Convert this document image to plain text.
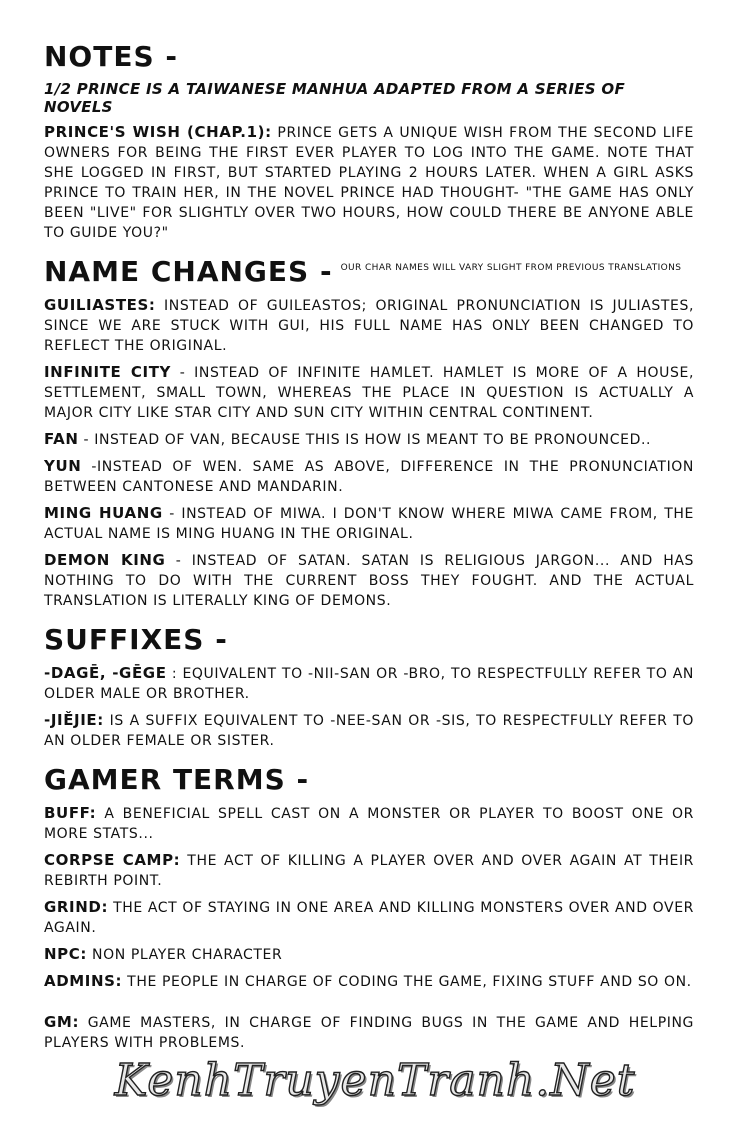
NOTES -
1/2 PRINCE IS A TAIWANESE MANHUA ADAPTED FROM A SERIES OF NOVELS
PRINCE'S WISH (CHAP.1): PRINCE GETS A UNIQUE WISH FROM THE SECOND LIFE OWNERS FOR BEING THE FIRST EVER PLAYER TO LOG INTO THE GAME. NOTE THAT SHE LOGGED IN FIRST, BUT STARTED PLAYING 2 HOURS LATER. WHEN A GIRL ASKS PRINCE TO TRAIN HER, IN THE NOVEL PRINCE HAD THOUGHT- "THE GAME HAS ONLY BEEN "LIVE" FOR SLIGHTLY OVER TWO HOURS, HOW COULD THERE BE ANYONE ABLE TO GUIDE YOU?"
NAME CHANGES - OUR CHAR NAMES WILL VARY SLIGHT FROM PREVIOUS TRANSLATIONS
GUILIASTES: INSTEAD OF GUILEASTOS; ORIGINAL PRONUNCIATION IS JULIASTES, SINCE WE ARE STUCK WITH GUI, HIS FULL NAME HAS ONLY BEEN CHANGED TO REFLECT THE ORIGINAL.
INFINITE CITY - INSTEAD OF INFINITE HAMLET. HAMLET IS MORE OF A HOUSE, SETTLEMENT, SMALL TOWN, WHEREAS THE PLACE IN QUESTION IS ACTUALLY A MAJOR CITY LIKE STAR CITY AND SUN CITY WITHIN CENTRAL CONTINENT.
FAN - INSTEAD OF VAN, BECAUSE THIS IS HOW IS MEANT TO BE PRONOUNCED..
YUN -INSTEAD OF WEN. SAME AS ABOVE, DIFFERENCE IN THE PRONUNCIATION BETWEEN CANTONESE AND MANDARIN.
MING HUANG - INSTEAD OF MIWA. I DON'T KNOW WHERE MIWA CAME FROM, THE ACTUAL NAME IS MING HUANG IN THE ORIGINAL.
DEMON KING - INSTEAD OF SATAN. SATAN IS RELIGIOUS JARGON... AND HAS NOTHING TO DO WITH THE CURRENT BOSS THEY FOUGHT. AND THE ACTUAL TRANSLATION IS LITERALLY KING OF DEMONS.
SUFFIXES -
-DAGĒ, -GĒGE : EQUIVALENT TO -NII-SAN OR -BRO, TO RESPECTFULLY REFER TO AN OLDER MALE OR BROTHER.
-JIĚJIE: IS A SUFFIX EQUIVALENT TO -NEE-SAN OR -SIS, TO RESPECTFULLY REFER TO AN OLDER FEMALE OR SISTER.
GAMER TERMS -
BUFF: A BENEFICIAL SPELL CAST ON A MONSTER OR PLAYER TO BOOST ONE OR MORE STATS...
CORPSE CAMP: THE ACT OF KILLING A PLAYER OVER AND OVER AGAIN AT THEIR REBIRTH POINT.
GRIND: THE ACT OF STAYING IN ONE AREA AND KILLING MONSTERS OVER AND OVER AGAIN.
NPC: NON PLAYER CHARACTER
ADMINS: THE PEOPLE IN CHARGE OF CODING THE GAME, FIXING STUFF AND SO ON.
GM: GAME MASTERS, IN CHARGE OF FINDING BUGS IN THE GAME AND HELPING PLAYERS WITH PROBLEMS.
KenhTruyenTranh.Net
